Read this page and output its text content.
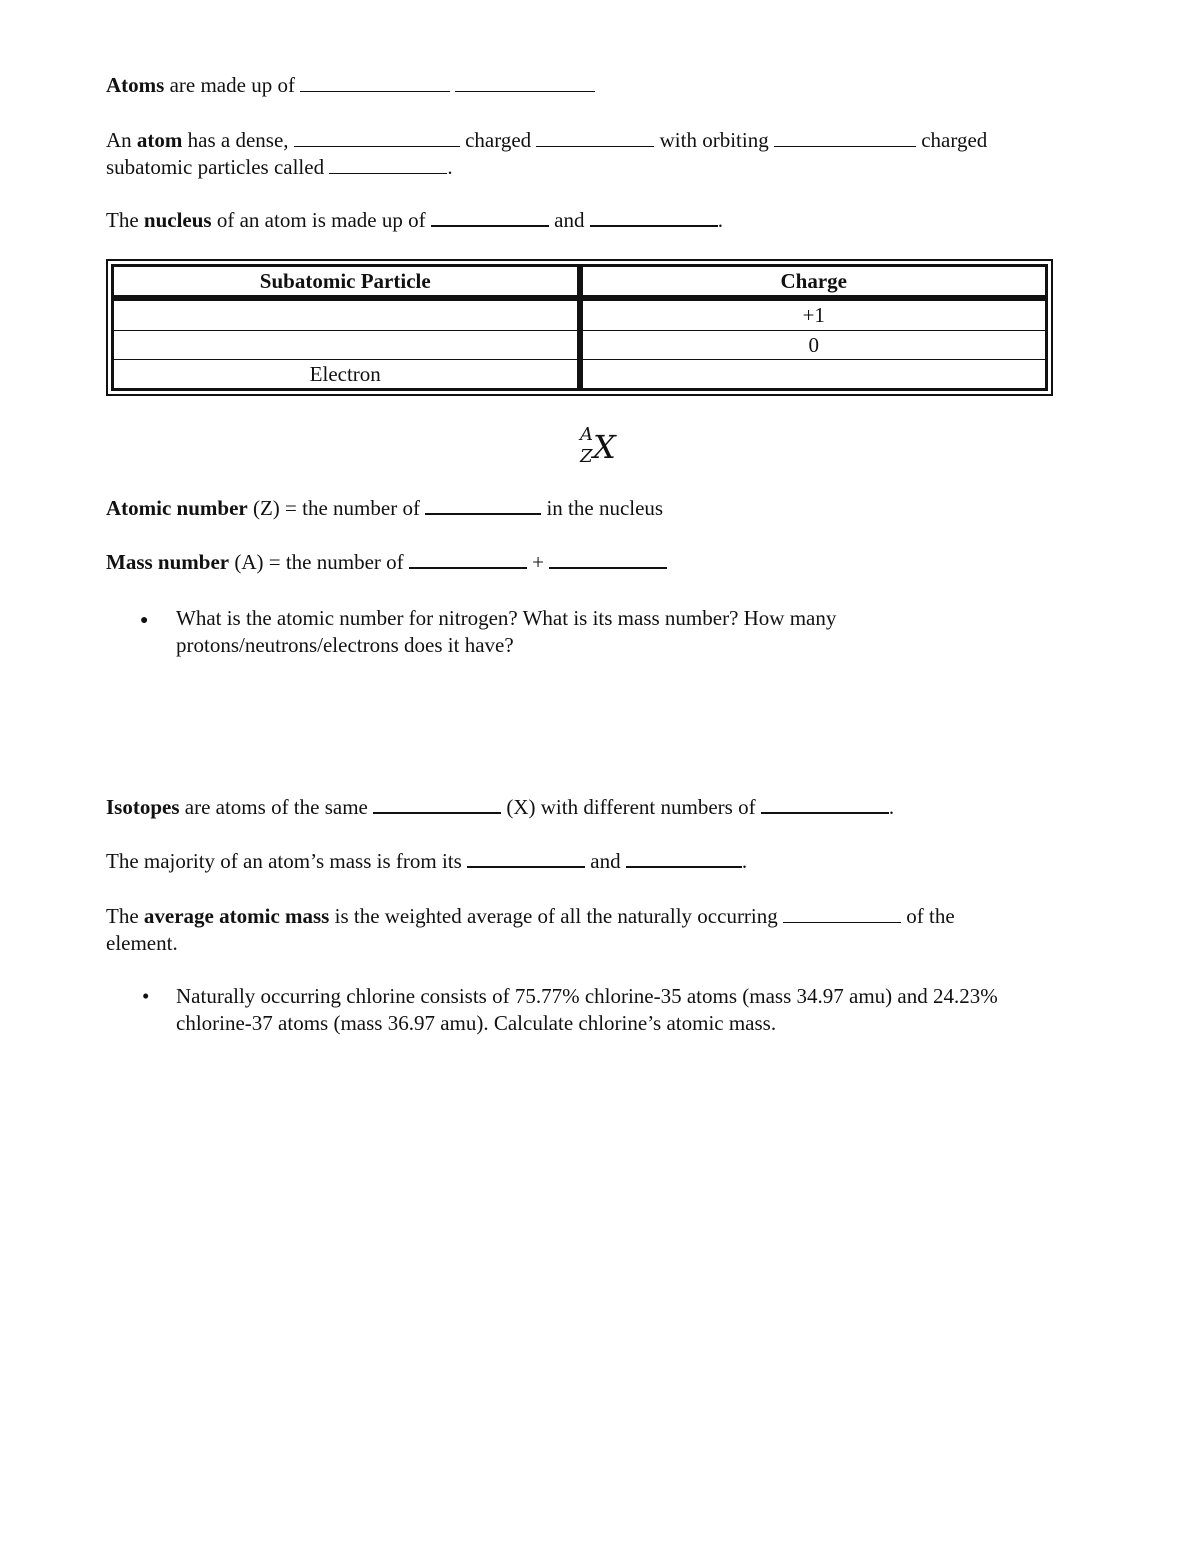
Atoms are made up of

An atom has a dense,	charged	with orbiting	charged
subatomic particles called	.

The nucleus of an atom is made up of	and	.

Subatomic Particle	Charge
	+1
	0
Electron	
A
Z X

Atomic number (Z) = the number of	in the nucleus

Mass number (A) = the number of	+

● What is the atomic number for nitrogen? What is its mass number? How many protons/neutrons/electrons does it have?

Isotopes are atoms of the same	(X) with different numbers of	.

The majority of an atom’s mass is from its	and	.

The average atomic mass is the weighted average of all the naturally occurring	of the
element.

• Naturally occurring chlorine consists of 75.77% chlorine-35 atoms (mass 34.97 amu) and 24.23% chlorine-37 atoms (mass 36.97 amu). Calculate chlorine’s atomic mass.
